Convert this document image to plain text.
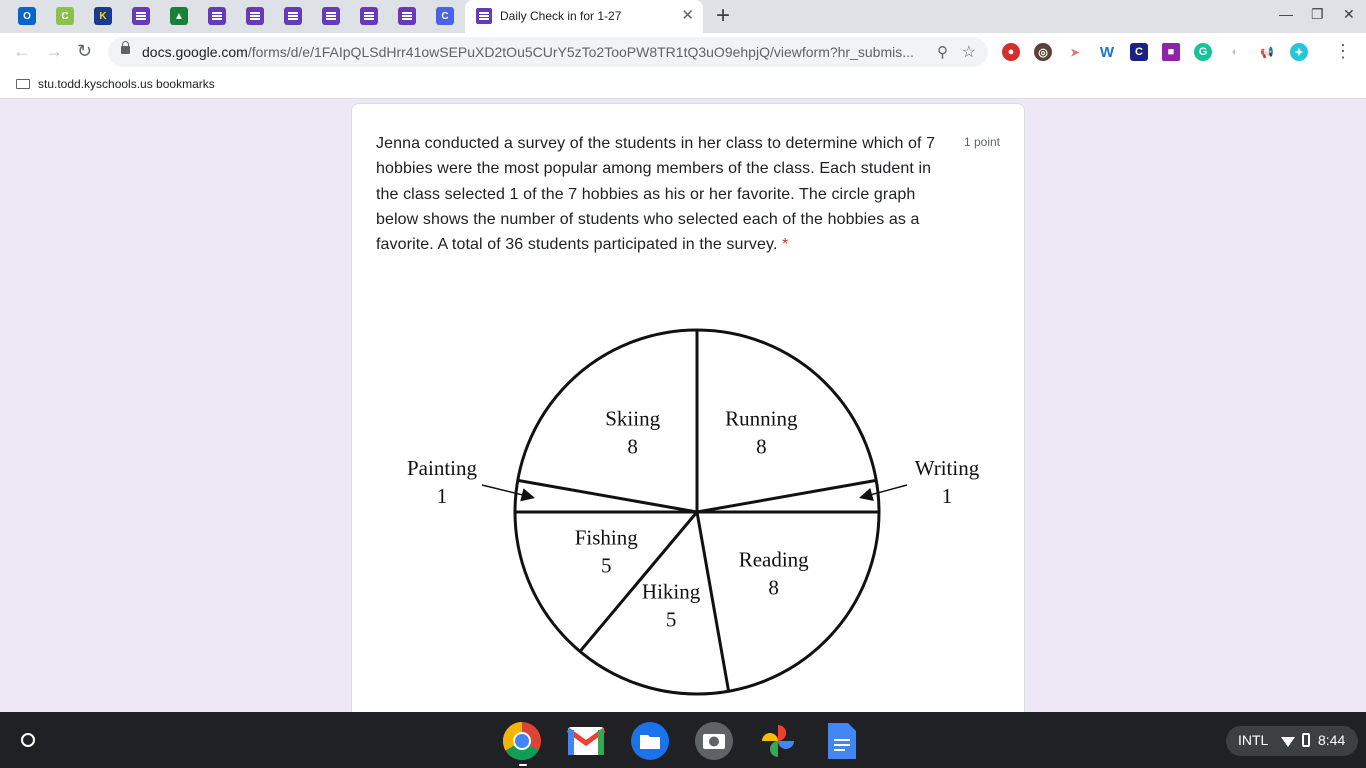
O	C	K	▲	C	Daily Check in for 1-27	✕ +	— ❐ ✕
← → ↻	docs.google.com/forms/d/e/1FAIpQLSdHrr41owSEPuXD2tOu5CUrY5zTo2TooPW8TR1tQ3uO9ehpjQ/viewform?hr_submis... ⚲ ☆	●	◎	➤ W	C	■	G	◐	📢	✦ ⋮
stu.todd.kyschools.us bookmarks
Jenna conducted a survey of the students in her class to determine which of 7 hobbies were the most popular among members of the class. Each student in the class selected 1 of the 7 hobbies as his or her favorite. The circle graph below shows the number of students who selected each of the hobbies as a favorite. A total of 36 students participated in the survey. *
1 point
Running
8
Writing
1
Reading
8
Hiking
5
Fishing
5
Painting
1
Skiing
8
INTL	8:44
